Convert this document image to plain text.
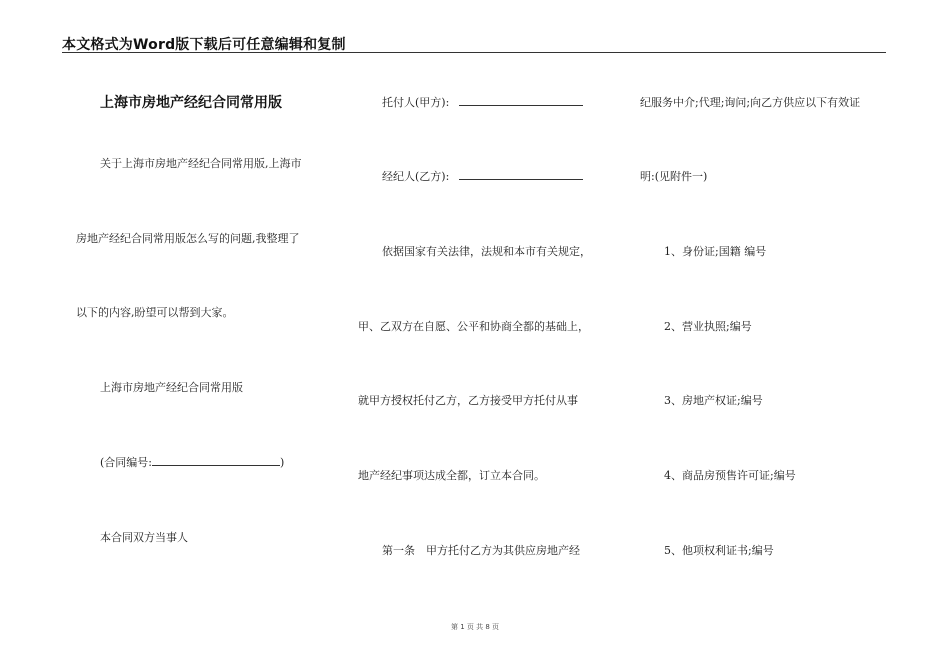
本文格式为Word版下载后可任意编辑和复制
上海市房地产经纪合同常用版
关于上海市房地产经纪合同常用版,上海市
房地产经纪合同常用版怎么写的问题,我整理了
以下的内容,盼望可以帮到大家。
上海市房地产经纪合同常用版
(合同编号:	)
本合同双方当事人
托付人(甲方):
经纪人(乙方):
依据国家有关法律，法规和本市有关规定，
甲、乙双方在自愿、公平和协商全都的基础上，
就甲方授权托付乙方，乙方接受甲方托付从事
地产经纪事项达成全都，订立本合同。
第一条　甲方托付乙方为其供应房地产经
纪服务中介;代理;询问;向乙方供应以下有效证
明:(见附件一)
1、身份证;国籍 编号
2、营业执照;编号
3、房地产权证;编号
4、商品房预售许可证;编号
5、他项权利证书;编号
第 1 页 共 8 页
